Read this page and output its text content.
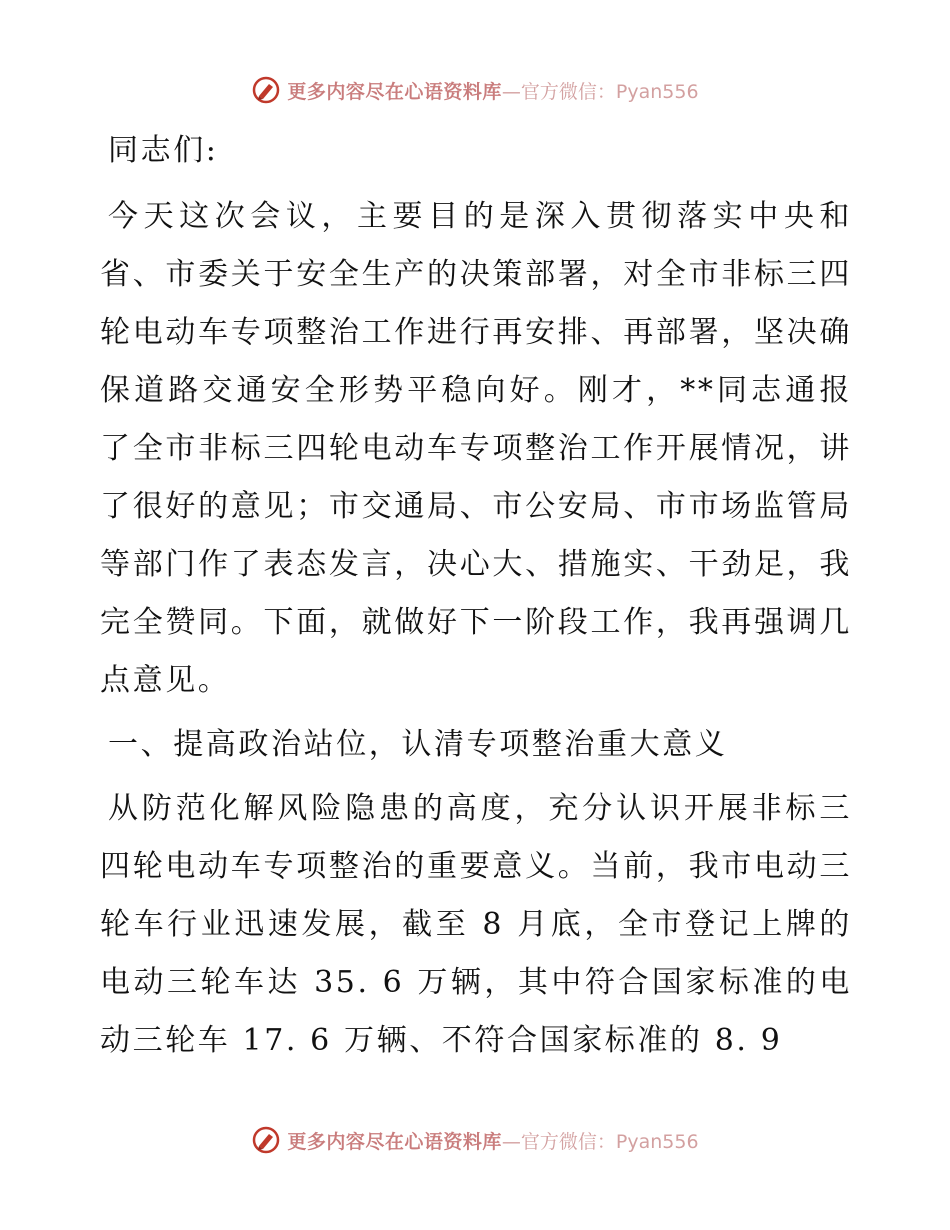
更多内容尽在心语资料库—官方微信：Pyan556

同志们:

今天这次会议，主要目的是深入贯彻落实中央和省、市委关于安全生产的决策部署，对全市非标三四轮电动车专项整治工作进行再安排、再部署，坚决确保道路交通安全形势平稳向好。刚才，**同志通报了全市非标三四轮电动车专项整治工作开展情况，讲了很好的意见；市交通局、市公安局、市市场监管局等部门作了表态发言，决心大、措施实、干劲足，我完全赞同。下面，就做好下一阶段工作，我再强调几点意见。

一、提高政治站位，认清专项整治重大意义

从防范化解风险隐患的高度，充分认识开展非标三四轮电动车专项整治的重要意义。当前，我市电动三轮车行业迅速发展，截至 8 月底，全市登记上牌的电动三轮车达 35. 6 万辆，其中符合国家标准的电动三轮车 17. 6 万辆、不符合国家标准的 8. 9

更多内容尽在心语资料库—官方微信：Pyan556
